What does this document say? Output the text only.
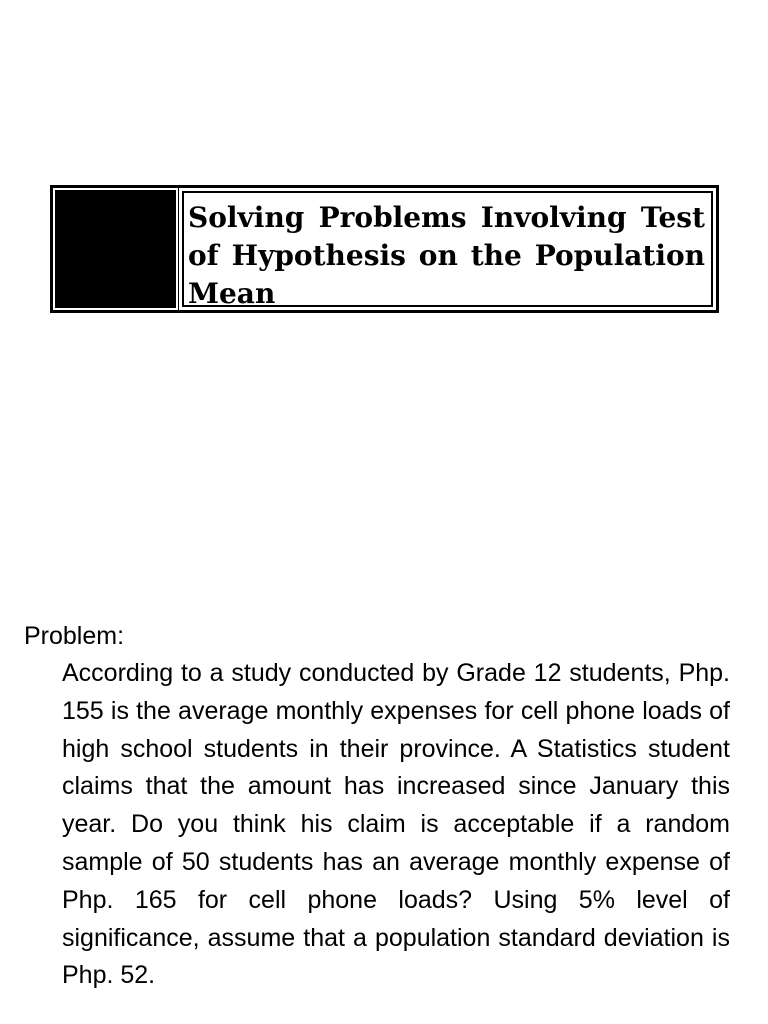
Solving Problems Involving Test of Hypothesis on the Population Mean

Problem:

According to a study conducted by Grade 12 students, Php. 155 is the average monthly expenses for cell phone loads of high school students in their province. A Statistics student claims that the amount has increased since January this year. Do you think his claim is acceptable if a random sample of 50 students has an average monthly expense of Php. 165 for cell phone loads? Using 5% level of significance, assume that a population standard deviation is Php. 52.
